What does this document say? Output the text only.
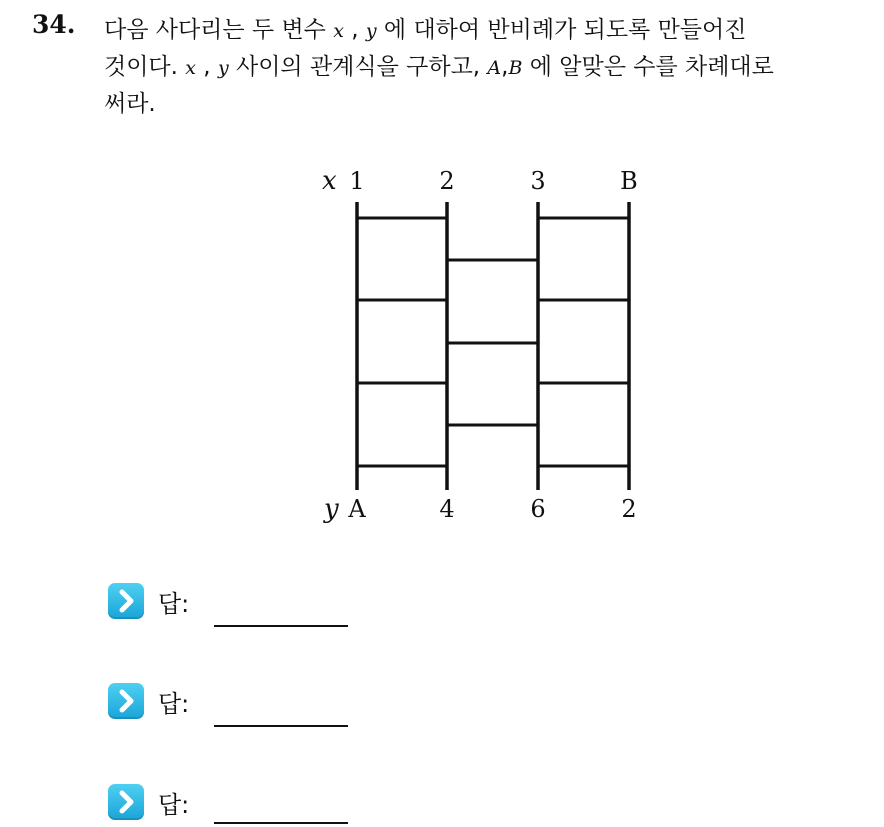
34. 다음 사다리는 두 변수 x , y 에 대하여 반비례가 되도록 만들어진
것이다. x , y 사이의 관계식을 구하고, A,B 에 알맞은 수를 차례대로
써라.
x 1	2	3	B
y A	4	6	2
답:
답:
답:
